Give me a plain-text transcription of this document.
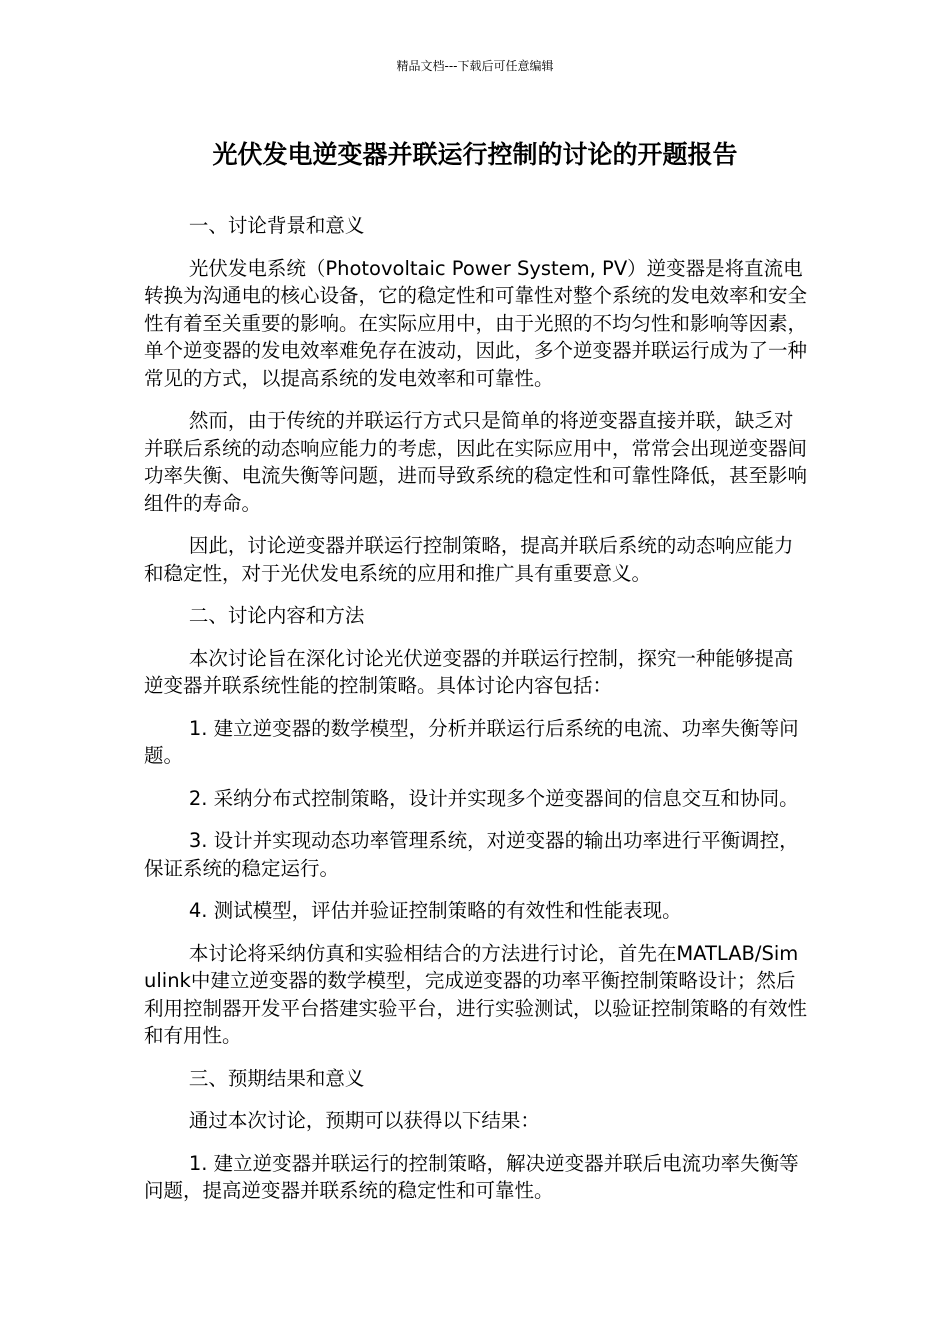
精品文档---下载后可任意编辑
光伏发电逆变器并联运行控制的讨论的开题报告

一、讨论背景和意义

光伏发电系统（Photovoltaic Power System, PV）逆变器是将直流电转换为沟通电的核心设备，它的稳定性和可靠性对整个系统的发电效率和安全性有着至关重要的影响。在实际应用中，由于光照的不均匀性和影响等因素，单个逆变器的发电效率难免存在波动，因此，多个逆变器并联运行成为了一种常见的方式，以提高系统的发电效率和可靠性。

然而，由于传统的并联运行方式只是简单的将逆变器直接并联，缺乏对并联后系统的动态响应能力的考虑，因此在实际应用中，常常会出现逆变器间功率失衡、电流失衡等问题，进而导致系统的稳定性和可靠性降低，甚至影响组件的寿命。

因此，讨论逆变器并联运行控制策略，提高并联后系统的动态响应能力和稳定性，对于光伏发电系统的应用和推广具有重要意义。

二、讨论内容和方法

本次讨论旨在深化讨论光伏逆变器的并联运行控制，探究一种能够提高逆变器并联系统性能的控制策略。具体讨论内容包括：

1. 建立逆变器的数学模型，分析并联运行后系统的电流、功率失衡等问题。

2. 采纳分布式控制策略，设计并实现多个逆变器间的信息交互和协同。

3. 设计并实现动态功率管理系统，对逆变器的输出功率进行平衡调控，保证系统的稳定运行。

4. 测试模型，评估并验证控制策略的有效性和性能表现。

本讨论将采纳仿真和实验相结合的方法进行讨论，首先在MATLAB/Simulink中建立逆变器的数学模型，完成逆变器的功率平衡控制策略设计；然后利用控制器开发平台搭建实验平台，进行实验测试，以验证控制策略的有效性和有用性。

三、预期结果和意义

通过本次讨论，预期可以获得以下结果：

1. 建立逆变器并联运行的控制策略，解决逆变器并联后电流功率失衡等问题，提高逆变器并联系统的稳定性和可靠性。
